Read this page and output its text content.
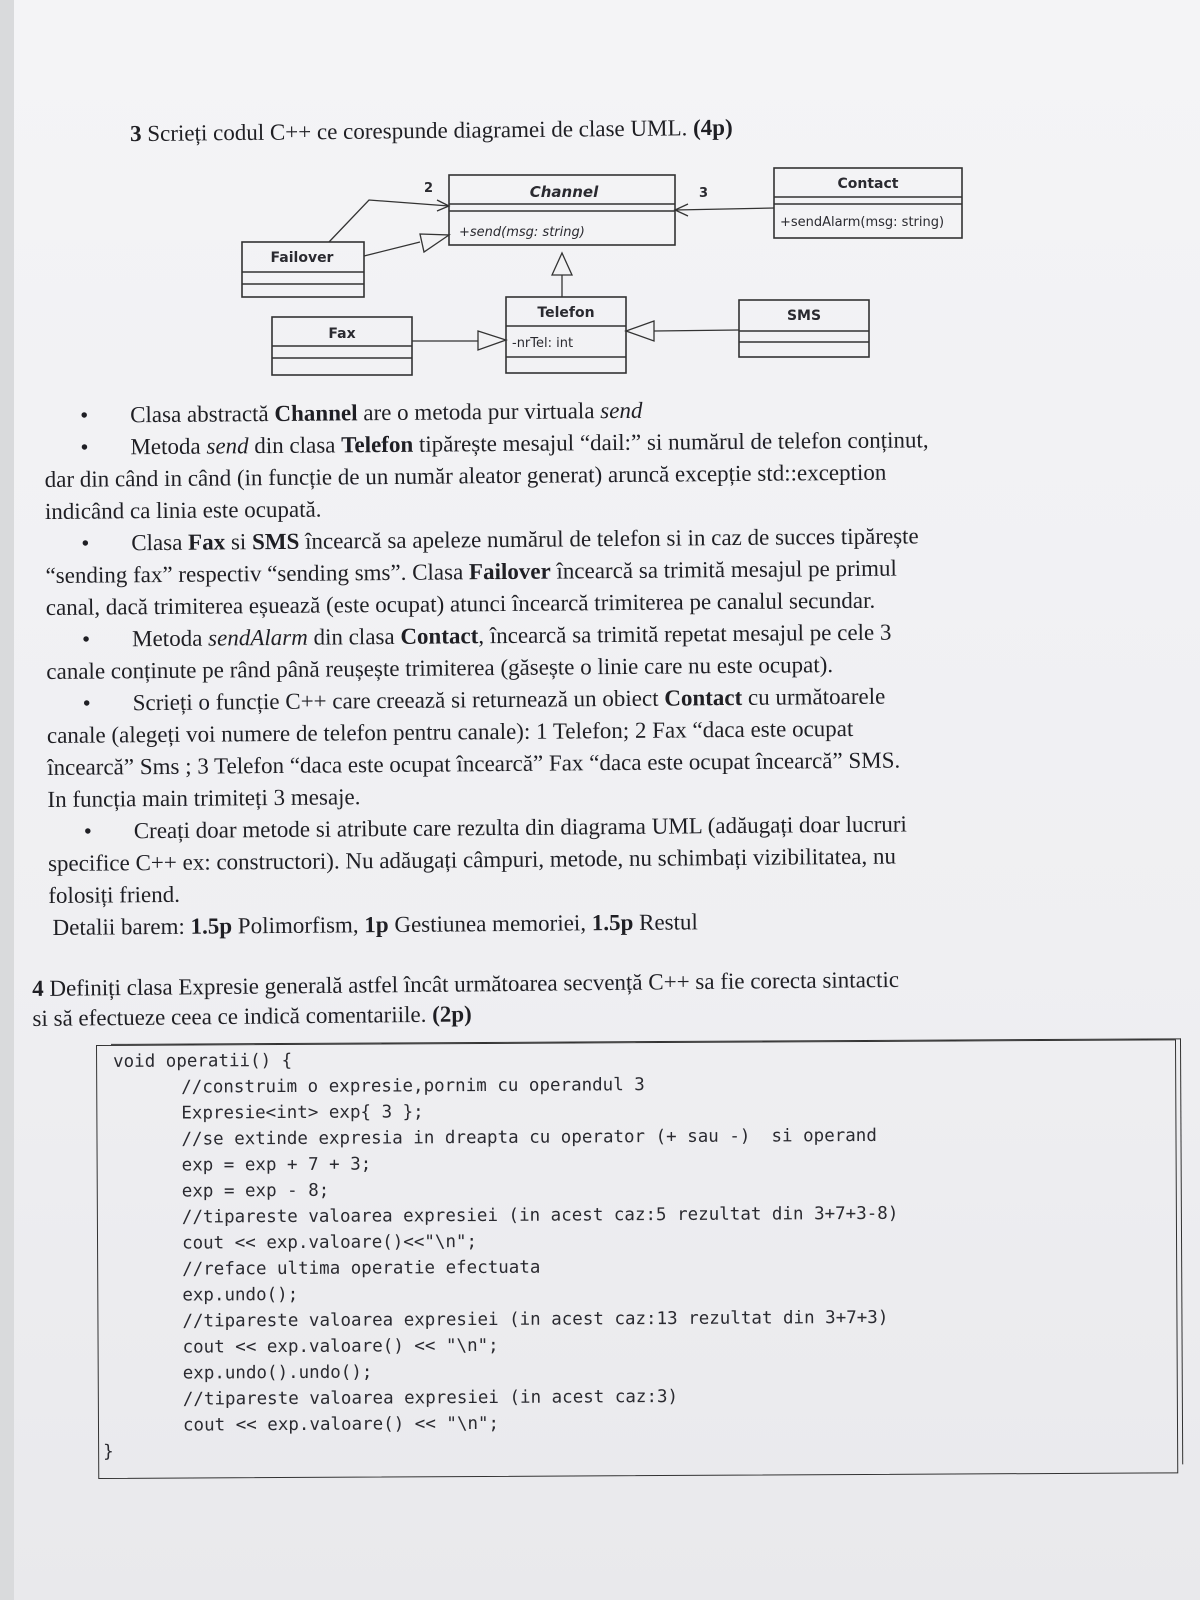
3 Scrieți codul C++ ce corespunde diagramei de clase UML. (4p)
Channel
+send(msg: string)
Contact
+sendAlarm(msg: string)
Failover
Telefon
-nrTel: int
Fax
SMS
2	3
• Clasa abstractă Channel are o metoda pur virtuala send
• Metoda send din clasa Telefon tipărește mesajul “dail:” si numărul de telefon conținut,
dar din când in când (in funcție de un număr aleator generat) aruncă excepție std::exception
indicând ca linia este ocupată.
• Clasa Fax si SMS încearcă sa apeleze numărul de telefon si in caz de succes tipărește
“sending fax” respectiv “sending sms”. Clasa Failover încearcă sa trimită mesajul pe primul
canal, dacă trimiterea eșuează (este ocupat) atunci încearcă trimiterea pe canalul secundar.
• Metoda sendAlarm din clasa Contact, încearcă sa trimită repetat mesajul pe cele 3
canale conținute pe rând până reușește trimiterea (găsește o linie care nu este ocupat).
• Scrieți o funcție C++ care creează si returnează un obiect Contact cu următoarele
canale (alegeți voi numere de telefon pentru canale): 1 Telefon; 2 Fax “daca este ocupat
încearcă” Sms ; 3 Telefon “daca este ocupat încearcă” Fax “daca este ocupat încearcă” SMS.
In funcția main trimiteți 3 mesaje.
• Creați doar metode si atribute care rezulta din diagrama UML (adăugați doar lucruri
specifice C++ ex: constructori). Nu adăugați câmpuri, metode, nu schimbați vizibilitatea, nu
folosiți friend.
Detalii barem: 1.5p Polimorfism, 1p Gestiunea memoriei, 1.5p Restul
4 Definiți clasa Expresie generală astfel încât următoarea secvență C++ sa fie corecta sintactic
si să efectueze ceea ce indică comentariile. (2p)
void operatii() {
//construim o expresie,pornim cu operandul 3
Expresie<int> exp{ 3 };
//se extinde expresia in dreapta cu operator (+ sau -)  si operand
exp = exp + 7 + 3;
exp = exp - 8;
//tipareste valoarea expresiei (in acest caz:5 rezultat din 3+7+3-8)
cout << exp.valoare()<<"\n";
//reface ultima operatie efectuata
exp.undo();
//tipareste valoarea expresiei (in acest caz:13 rezultat din 3+7+3)
cout << exp.valoare() << "\n";
exp.undo().undo();
//tipareste valoarea expresiei (in acest caz:3)
cout << exp.valoare() << "\n";
}
